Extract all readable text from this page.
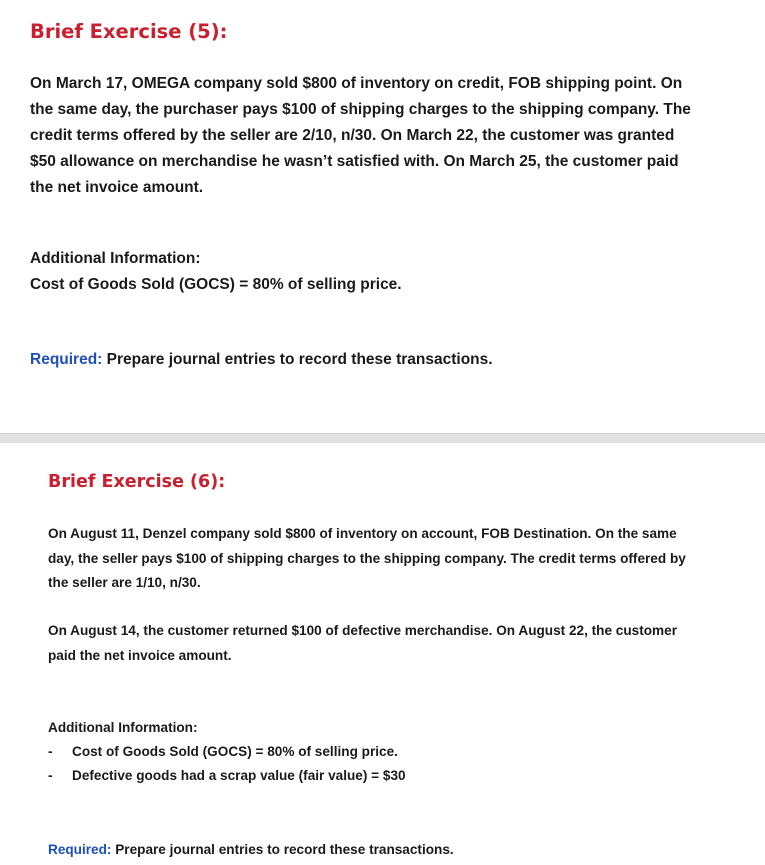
Brief Exercise (5):
On March 17, OMEGA company sold $800 of inventory on credit, FOB shipping point. On
the same day, the purchaser pays $100 of shipping charges to the shipping company. The
credit terms offered by the seller are 2/10, n/30. On March 22, the customer was granted
$50 allowance on merchandise he wasn’t satisfied with. On March 25, the customer paid
the net invoice amount.
Additional Information:
Cost of Goods Sold (GOCS) = 80% of selling price.
Required: Prepare journal entries to record these transactions.
Brief Exercise (6):
On August 11, Denzel company sold $800 of inventory on account, FOB Destination. On the same
day, the seller pays $100 of shipping charges to the shipping company. The credit terms offered by
the seller are 1/10, n/30.
On August 14, the customer returned $100 of defective merchandise. On August 22, the customer
paid the net invoice amount.
Additional Information:
- Cost of Goods Sold (GOCS) = 80% of selling price.
- Defective goods had a scrap value (fair value) = $30
Required: Prepare journal entries to record these transactions.
